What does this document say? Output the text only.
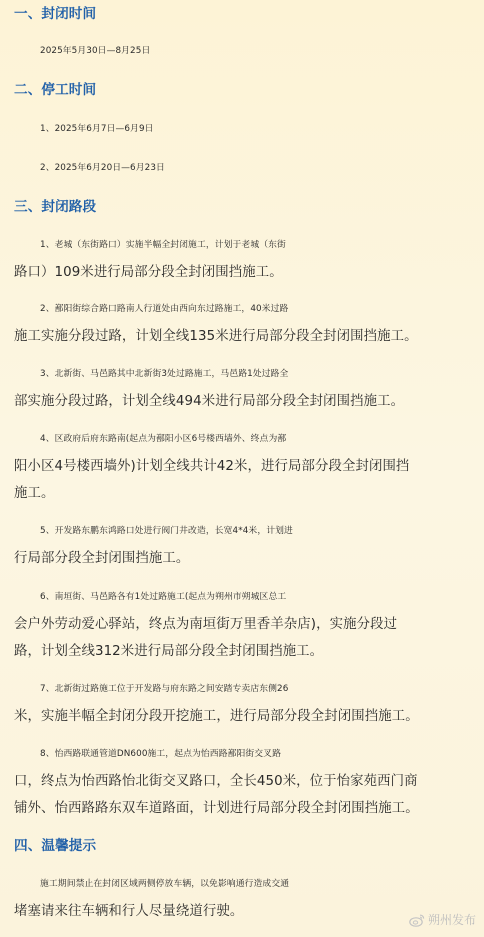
一、封闭时间
2025年5月30日—8月25日
二、停工时间
1、2025年6月7日—6月9日
2、2025年6月20日—6月23日
三、封闭路段
1、老城（东街路口）实施半幅全封闭施工，计划于老城（东街
路口）109米进行局部分段全封闭围挡施工。
2、鄯阳街综合路口路南人行道处由西向东过路施工，40米过路
施工实施分段过路，计划全线135米进行局部分段全封闭围挡施工。
3、北新街、马邑路其中北新街3处过路施工，马邑路1处过路全
部实施分段过路，计划全线494米进行局部分段全封闭围挡施工。
4、区政府后府东路南(起点为鄯阳小区6号楼西墙外、终点为鄯
阳小区4号楼西墙外)计划全线共计42米，进行局部分段全封闭围挡
施工。
5、开发路东鹏东鸿路口处进行阀门井改造，长宽4*4米，计划进
行局部分段全封闭围挡施工。
6、南垣街、马邑路各有1处过路施工(起点为朔州市朔城区总工
会户外劳动爱心驿站，终点为南垣街万里香羊杂店)，实施分段过
路，计划全线312米进行局部分段全封闭围挡施工。
7、北新街过路施工位于开发路与府东路之间安踏专卖店东侧26
米，实施半幅全封闭分段开挖施工，进行局部分段全封闭围挡施工。
8、怡西路联通管道DN600施工，起点为怡西路鄯阳街交叉路
口，终点为怡西路怡北街交叉路口，全长450米，位于怡家苑西门商
铺外、怡西路路东双车道路面，计划进行局部分段全封闭围挡施工。
四、温馨提示
施工期间禁止在封闭区域两侧停放车辆，以免影响通行造成交通
堵塞请来往车辆和行人尽量绕道行驶。
朔州发布
